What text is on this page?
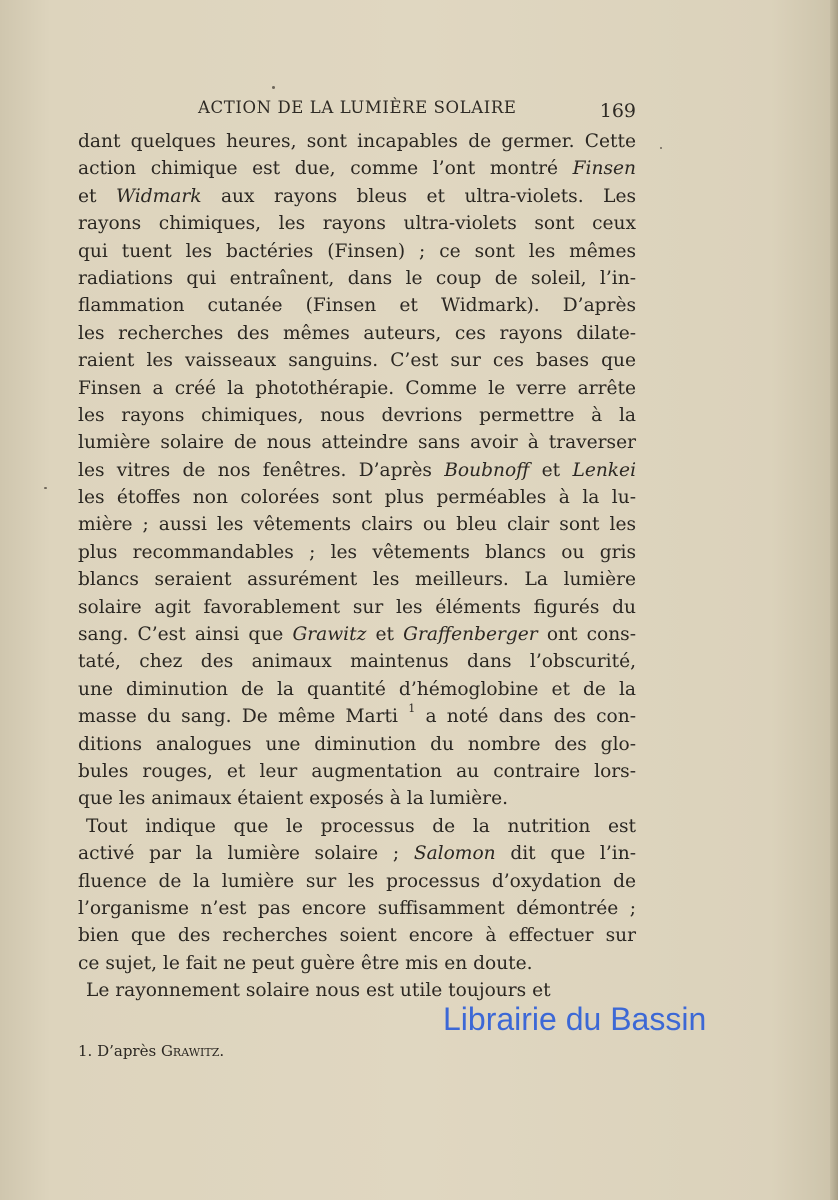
ACTION DE LA LUMIÈRE SOLAIRE	169
dant quelques heures, sont incapables de germer. Cette
action chimique est due, comme l’ont montré Finsen
et Widmark aux rayons bleus et ultra-violets. Les
rayons chimiques, les rayons ultra-violets sont ceux
qui tuent les bactéries (Finsen) ; ce sont les mêmes
radiations qui entraînent, dans le coup de soleil, l’in-
flammation cutanée (Finsen et Widmark). D’après
les recherches des mêmes auteurs, ces rayons dilate-
raient les vaisseaux sanguins. C’est sur ces bases que
Finsen a créé la photothérapie. Comme le verre arrête
les rayons chimiques, nous devrions permettre à la
lumière solaire de nous atteindre sans avoir à traverser
les vitres de nos fenêtres. D’après Boubnoff et Lenkei
les étoffes non colorées sont plus perméables à la lu-
mière ; aussi les vêtements clairs ou bleu clair sont les
plus recommandables ; les vêtements blancs ou gris
blancs seraient assurément les meilleurs. La lumière
solaire agit favorablement sur les éléments figurés du
sang. C’est ainsi que Grawitz et Graffenberger ont cons-
taté, chez des animaux maintenus dans l’obscurité,
une diminution de la quantité d’hémoglobine et de la
masse du sang. De même Marti $^1$ a noté dans des con-
ditions analogues une diminution du nombre des glo-
bules rouges, et leur augmentation au contraire lors-
que les animaux étaient exposés à la lumière.
Tout indique que le processus de la nutrition est
activé par la lumière solaire ; Salomon dit que l’in-
fluence de la lumière sur les processus d’oxydation de
l’organisme n’est pas encore suffisamment démontrée ;
bien que des recherches soient encore à effectuer sur
ce sujet, le fait ne peut guère être mis en doute.
Le rayonnement solaire nous est utile toujours et
1. D’après Grawitz.
Librairie du Bassin
